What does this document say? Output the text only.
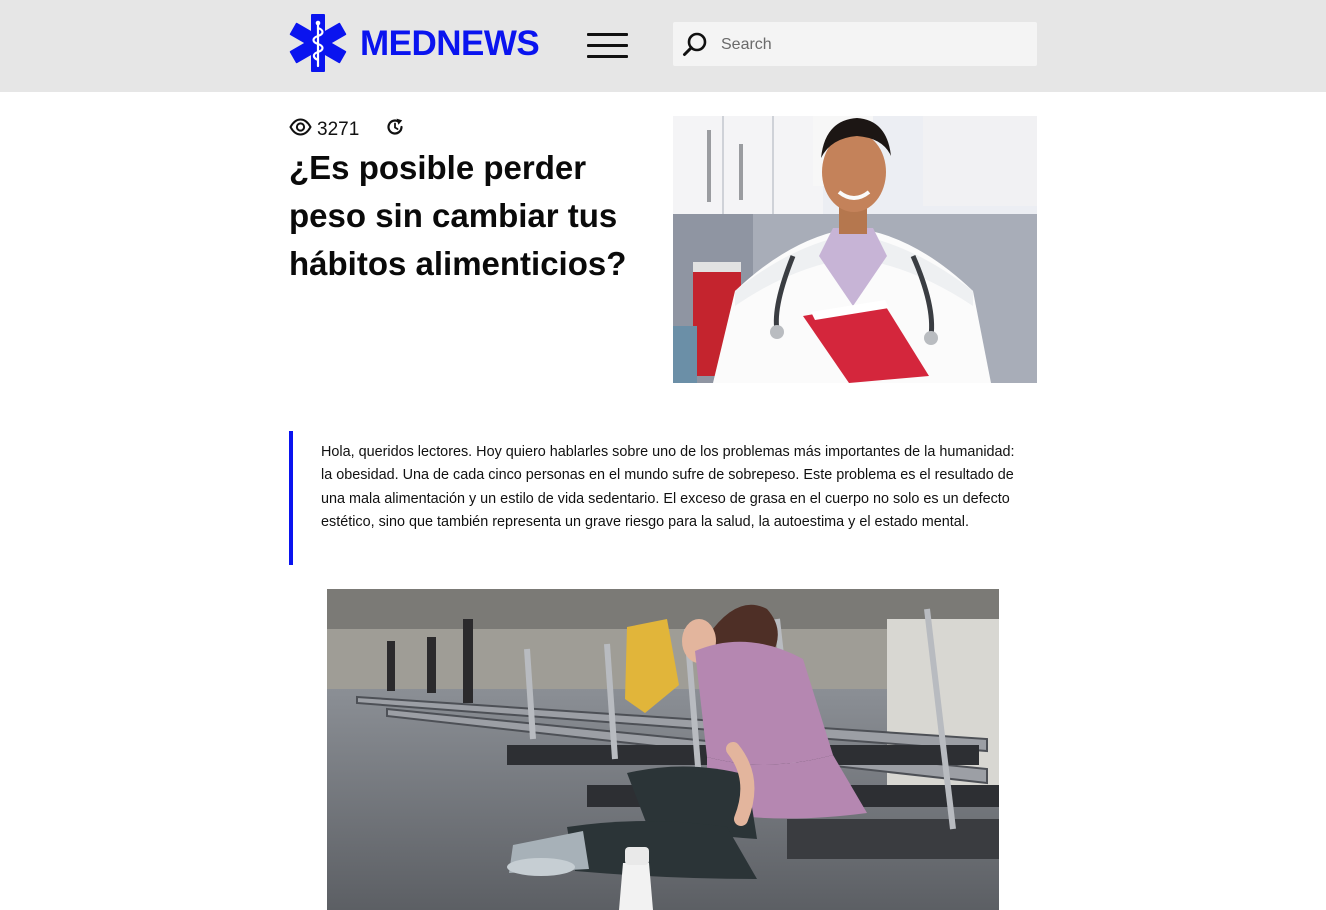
MEDNEWS
Search
3271
¿Es posible perder peso sin cambiar tus hábitos alimenticios?

Hola, queridos lectores. Hoy quiero hablarles sobre uno de los problemas más importantes de la humanidad: la obesidad. Una de cada cinco personas en el mundo sufre de sobrepeso. Este problema es el resultado de una mala alimentación y un estilo de vida sedentario. El exceso de grasa en el cuerpo no solo es un defecto estético, sino que también representa un grave riesgo para la salud, la autoestima y el estado mental.
